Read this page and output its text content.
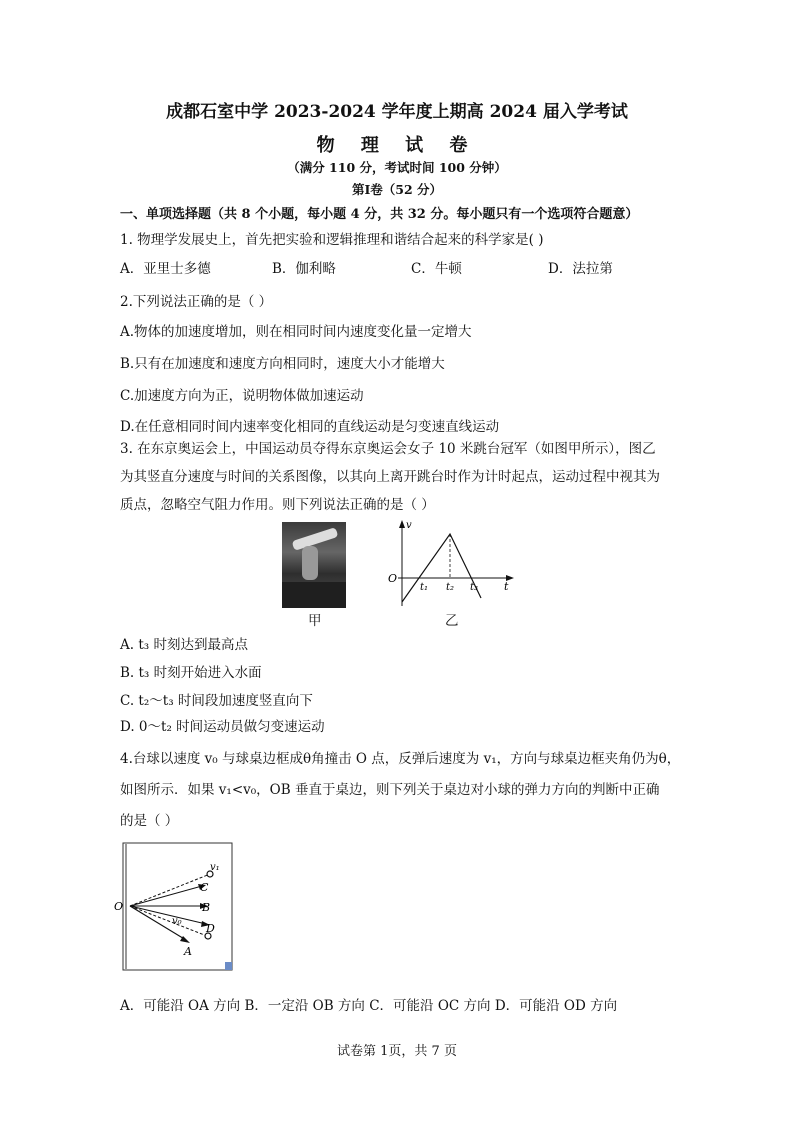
成都石室中学 2023-2024 学年度上期高 2024 届入学考试
物 理 试 卷
（满分 110 分，考试时间 100 分钟）
第Ⅰ卷（52 分）
一、单项选择题（共 8 个小题，每小题 4 分，共 32 分。每小题只有一个选项符合题意）
1. 物理学发展史上，首先把实验和逻辑推理和谐结合起来的科学家是( )
A．亚里士多德	B．伽利略	C．牛顿	D．法拉第
2.下列说法正确的是（ ）
A.物体的加速度增加，则在相同时间内速度变化量一定增大
B.只有在加速度和速度方向相同时，速度大小才能增大
C.加速度方向为正，说明物体做加速运动
D.在任意相同时间内速率变化相同的直线运动是匀变速直线运动
3. 在东京奥运会上，中国运动员夺得东京奥运会女子 10 米跳台冠军（如图甲所示），图乙
为其竖直分速度与时间的关系图像，以其向上离开跳台时作为计时起点，运动过程中视其为
质点，忽略空气阻力作用。则下列说法正确的是（ ）
甲
v
O
t₁ t₂ t₃ t
乙
A. t₃ 时刻达到最高点
B. t₃ 时刻开始进入水面
C. t₂～t₃ 时间段加速度竖直向下
D. 0～t₂ 时间运动员做匀变速运动
4.台球以速度 v₀ 与球桌边框成θ角撞击 O 点，反弹后速度为 v₁，方向与球桌边框夹角仍为θ，
如图所示．如果 v₁<v₀，OB 垂直于桌边，则下列关于桌边对小球的弹力方向的判断中正确
的是（ ）
O
v₁
C
B
v₀
D
A
A．可能沿 OA 方向 B．一定沿 OB 方向 C．可能沿 OC 方向 D．可能沿 OD 方向
试卷第 1页，共 7 页
